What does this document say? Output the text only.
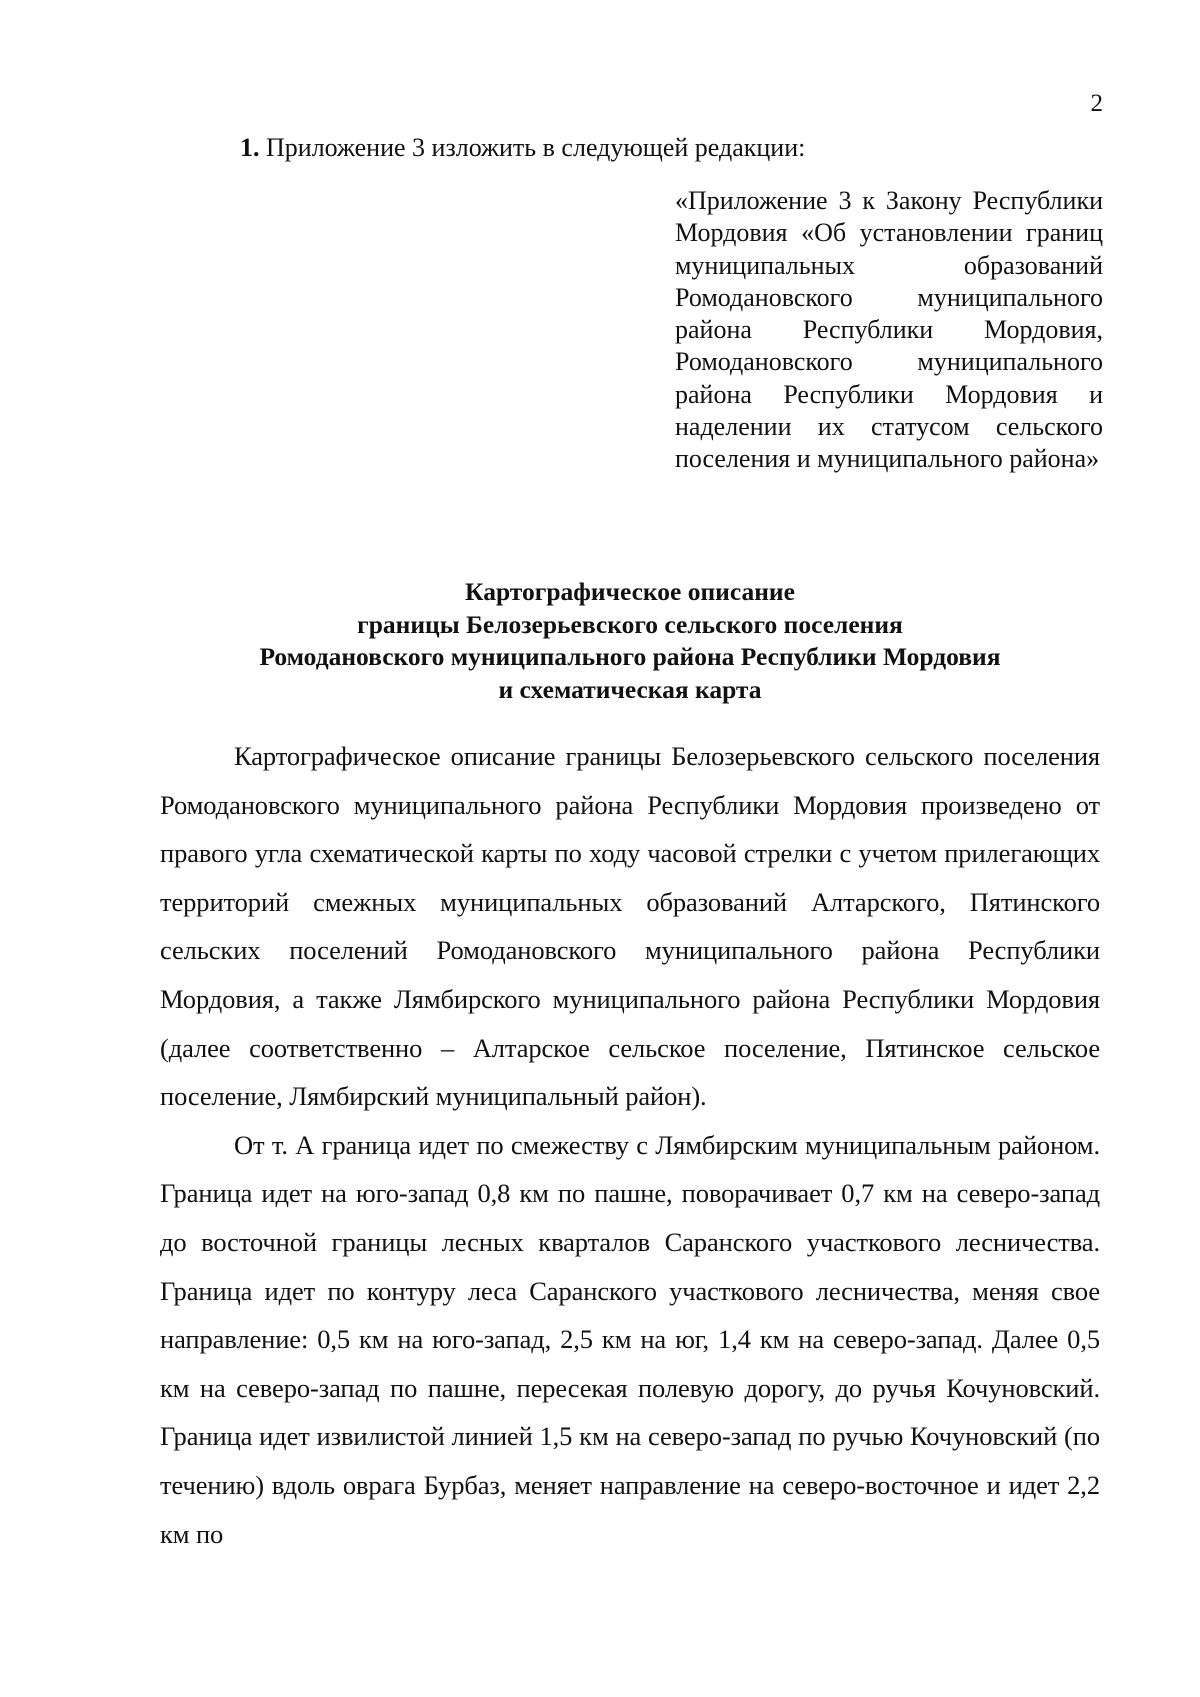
2
1. Приложение 3 изложить в следующей редакции:
«Приложение 3 к Закону Республики Мордовия «Об установлении границ муниципальных образований Ромодановского муниципального района Республики Мордовия, Ромодановского муниципального района Республики Мордовия и наделении их статусом сельского поселения и муниципального района»
Картографическое описание
границы Белозерьевского сельского поселения
Ромодановского муниципального района Республики Мордовия
и схематическая карта

Картографическое описание границы Белозерьевского сельского поселения Ромодановского муниципального района Республики Мордовия произведено от правого угла схематической карты по ходу часовой стрелки с учетом прилегающих территорий смежных муниципальных образований Алтарского, Пятинского сельских поселений Ромодановского муниципального района Республики Мордовия, а также Лямбирского муниципального района Республики Мордовия (далее соответственно – Алтарское сельское поселение, Пятинское сельское поселение, Лямбирский муниципальный район).

От т. А граница идет по смежеству с Лямбирским муниципальным районом. Граница идет на юго-запад 0,8 км по пашне, поворачивает 0,7 км на северо-запад до восточной границы лесных кварталов Саранского участкового лесничества. Граница идет по контуру леса Саранского участкового лесничества, меняя свое направление: 0,5 км на юго-запад, 2,5 км на юг, 1,4 км на северо-запад. Далее 0,5 км на северо-запад по пашне, пересекая полевую дорогу, до ручья Кочуновский. Граница идет извилистой линией 1,5 км на северо-запад по ручью Кочуновский (по течению) вдоль оврага Бурбаз, меняет направление на северо-восточное и идет 2,2 км по
